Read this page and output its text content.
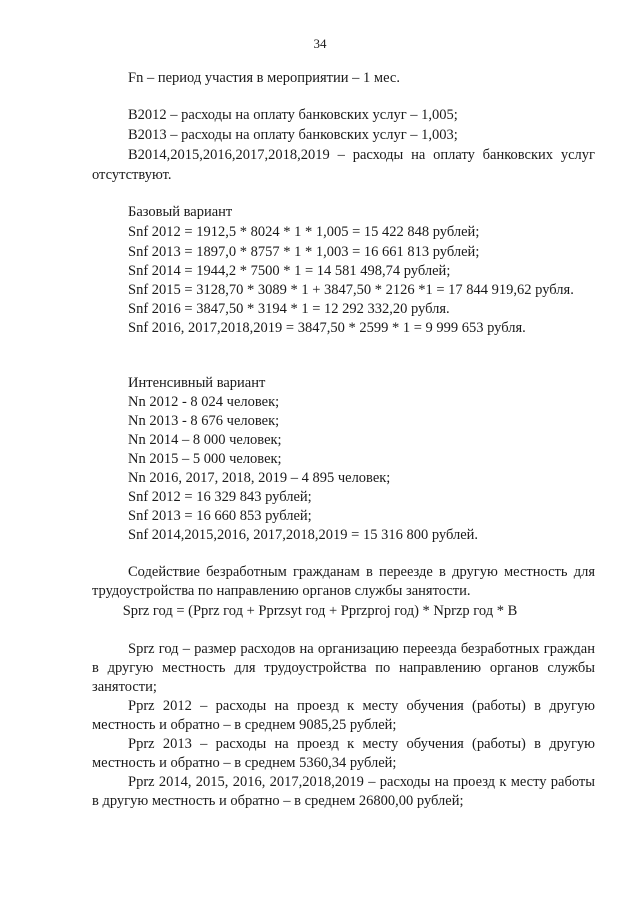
34
Fn – период участия в мероприятии – 1 мес.
B2012 – расходы на оплату банковских услуг – 1,005;
B2013 – расходы на оплату банковских услуг – 1,003;
B2014,2015,2016,2017,2018,2019 – расходы на оплату банковских услуг
отсутствуют.
Базовый вариант
Snf 2012 = 1912,5 * 8024 * 1 * 1,005 = 15 422 848 рублей;
Snf 2013 = 1897,0 * 8757 * 1 * 1,003 = 16 661 813 рублей;
Snf 2014 = 1944,2 * 7500 * 1 = 14 581 498,74 рублей;
Snf 2015 = 3128,70 * 3089 * 1 + 3847,50 * 2126 *1 = 17 844 919,62 рубля.
Snf 2016 = 3847,50 * 3194 * 1 = 12 292 332,20 рубля.
Snf 2016, 2017,2018,2019 = 3847,50 * 2599 * 1 = 9 999 653 рубля.
Интенсивный вариант
Nn 2012 - 8 024 человек;
Nn 2013 - 8 676 человек;
Nn 2014 – 8 000 человек;
Nn 2015 – 5 000 человек;
Nn 2016, 2017, 2018, 2019 – 4 895 человек;
Snf 2012 = 16 329 843 рублей;
Snf 2013 = 16 660 853 рублей;
Snf 2014,2015,2016, 2017,2018,2019 = 15 316 800 рублей.
Содействие безработным гражданам в переезде в другую местность для трудоустройства по направлению органов службы занятости.
Sprz год = (Pprz год + Pprzsyt год + Pprzproj год) * Nprzp год * B
Sprz год – размер расходов на организацию переезда безработных граждан в другую местность для трудоустройства по направлению органов службы занятости;
Pprz 2012 – расходы на проезд к месту обучения (работы) в другую местность и обратно – в среднем 9085,25 рублей;
Pprz 2013 – расходы на проезд к месту обучения (работы) в другую местность и обратно – в среднем 5360,34 рублей;
Pprz 2014, 2015, 2016, 2017,2018,2019 – расходы на проезд к месту работы в другую местность и обратно – в среднем 26800,00 рублей;
